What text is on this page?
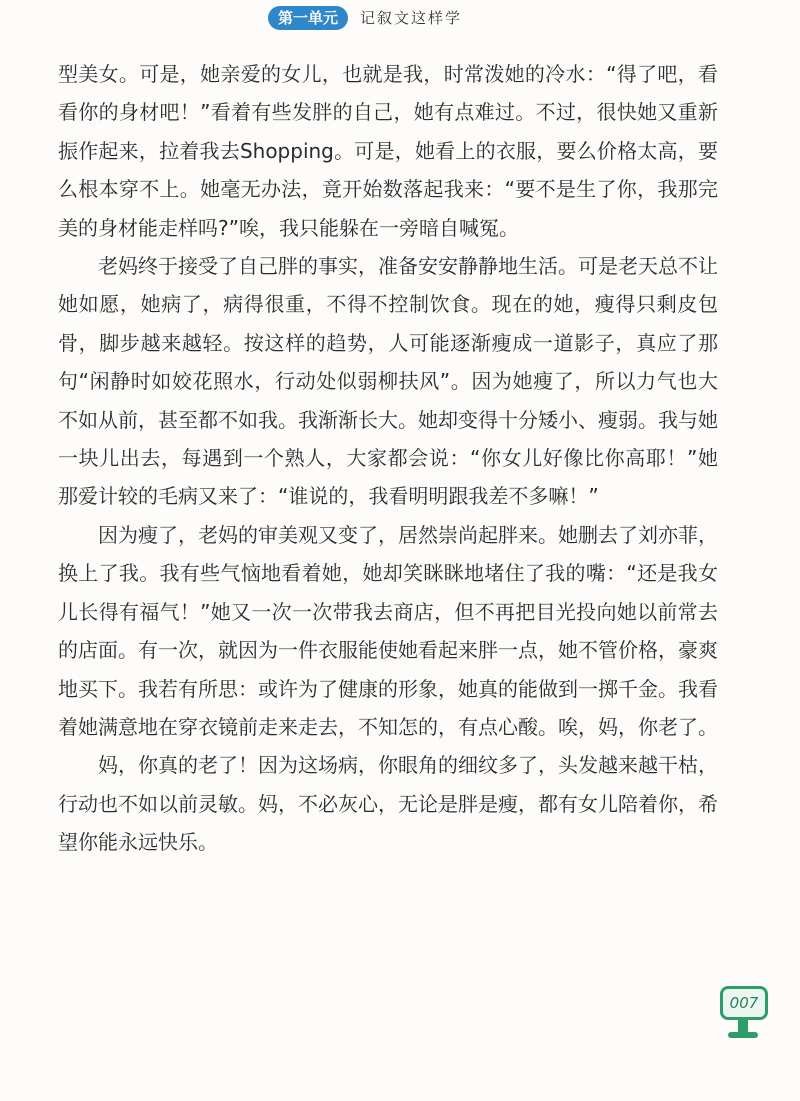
第一单元	记叙文这样学

型美女。可是，她亲爱的女儿，也就是我，时常泼她的冷水：“得了吧，看看你的身材吧！”看着有些发胖的自己，她有点难过。不过，很快她又重新振作起来，拉着我去Shopping。可是，她看上的衣服，要么价格太高，要么根本穿不上。她毫无办法，竟开始数落起我来：“要不是生了你，我那完美的身材能走样吗?”唉，我只能躲在一旁暗自喊冤。

老妈终于接受了自己胖的事实，准备安安静静地生活。可是老天总不让她如愿，她病了，病得很重，不得不控制饮食。现在的她，瘦得只剩皮包骨，脚步越来越轻。按这样的趋势，人可能逐渐瘦成一道影子，真应了那句“闲静时如姣花照水，行动处似弱柳扶风”。因为她瘦了，所以力气也大不如从前，甚至都不如我。我渐渐长大。她却变得十分矮小、瘦弱。我与她一块儿出去，每遇到一个熟人，大家都会说：“你女儿好像比你高耶！”她那爱计较的毛病又来了：“谁说的，我看明明跟我差不多嘛！”

因为瘦了，老妈的审美观又变了，居然崇尚起胖来。她删去了刘亦菲，换上了我。我有些气恼地看着她，她却笑眯眯地堵住了我的嘴：“还是我女儿长得有福气！”她又一次一次带我去商店，但不再把目光投向她以前常去的店面。有一次，就因为一件衣服能使她看起来胖一点，她不管价格，豪爽地买下。我若有所思：或许为了健康的形象，她真的能做到一掷千金。我看着她满意地在穿衣镜前走来走去，不知怎的，有点心酸。唉，妈，你老了。

妈，你真的老了！因为这场病，你眼角的细纹多了，头发越来越干枯，行动也不如以前灵敏。妈，不必灰心，无论是胖是瘦，都有女儿陪着你，希望你能永远快乐。

007
